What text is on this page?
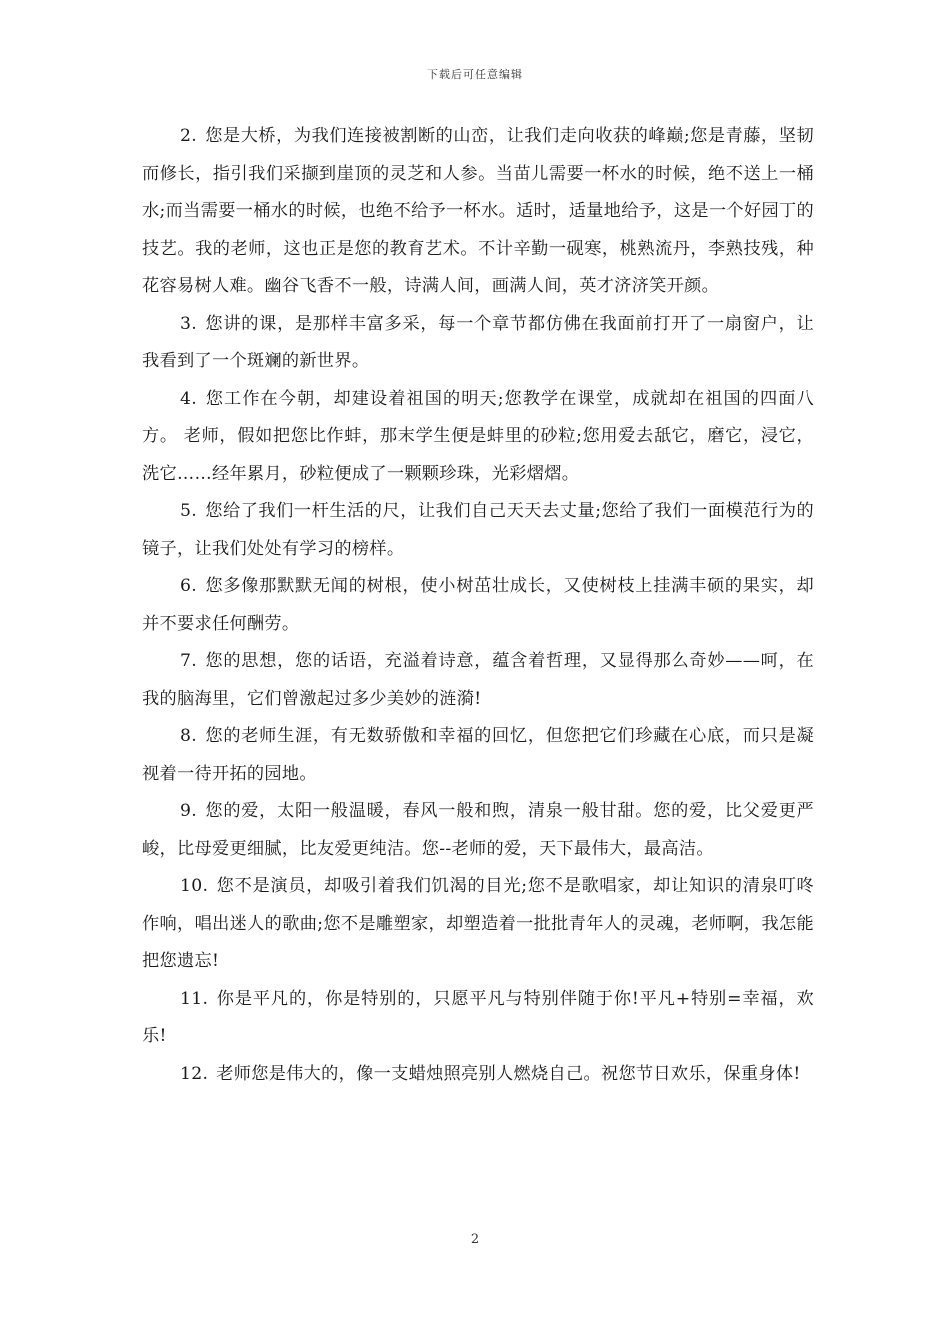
下载后可任意编辑

2. 您是大桥，为我们连接被割断的山峦，让我们走向收获的峰巅;您是青藤，坚韧而修长，指引我们采撷到崖顶的灵芝和人参。当苗儿需要一杯水的时候，绝不送上一桶水;而当需要一桶水的时候，也绝不给予一杯水。适时，适量地给予，这是一个好园丁的技艺。我的老师，这也正是您的教育艺术。不计辛勤一砚寒，桃熟流丹，李熟技残，种花容易树人难。幽谷飞香不一般，诗满人间，画满人间，英才济济笑开颜。

3. 您讲的课，是那样丰富多采，每一个章节都仿佛在我面前打开了一扇窗户，让我看到了一个斑斓的新世界。

4. 您工作在今朝，却建设着祖国的明天;您教学在课堂，成就却在祖国的四面八方。 老师，假如把您比作蚌，那末学生便是蚌里的砂粒;您用爱去舐它，磨它，浸它，洗它……经年累月，砂粒便成了一颗颗珍珠，光彩熠熠。

5. 您给了我们一杆生活的尺，让我们自己天天去丈量;您给了我们一面模范行为的镜子，让我们处处有学习的榜样。

6. 您多像那默默无闻的树根，使小树茁壮成长，又使树枝上挂满丰硕的果实，却并不要求任何酬劳。

7. 您的思想，您的话语，充溢着诗意，蕴含着哲理，又显得那么奇妙——呵，在我的脑海里，它们曾激起过多少美妙的涟漪!

8. 您的老师生涯，有无数骄傲和幸福的回忆，但您把它们珍藏在心底，而只是凝视着一待开拓的园地。

9. 您的爱，太阳一般温暖，春风一般和煦，清泉一般甘甜。您的爱，比父爱更严峻，比母爱更细腻，比友爱更纯洁。您--老师的爱，天下最伟大，最高洁。

10. 您不是演员，却吸引着我们饥渴的目光;您不是歌唱家，却让知识的清泉叮咚作响，唱出迷人的歌曲;您不是雕塑家，却塑造着一批批青年人的灵魂，老师啊，我怎能把您遗忘!

11. 你是平凡的，你是特别的，只愿平凡与特别伴随于你!平凡+特别=幸福，欢乐!

12. 老师您是伟大的，像一支蜡烛照亮别人燃烧自己。祝您节日欢乐，保重身体!

2
